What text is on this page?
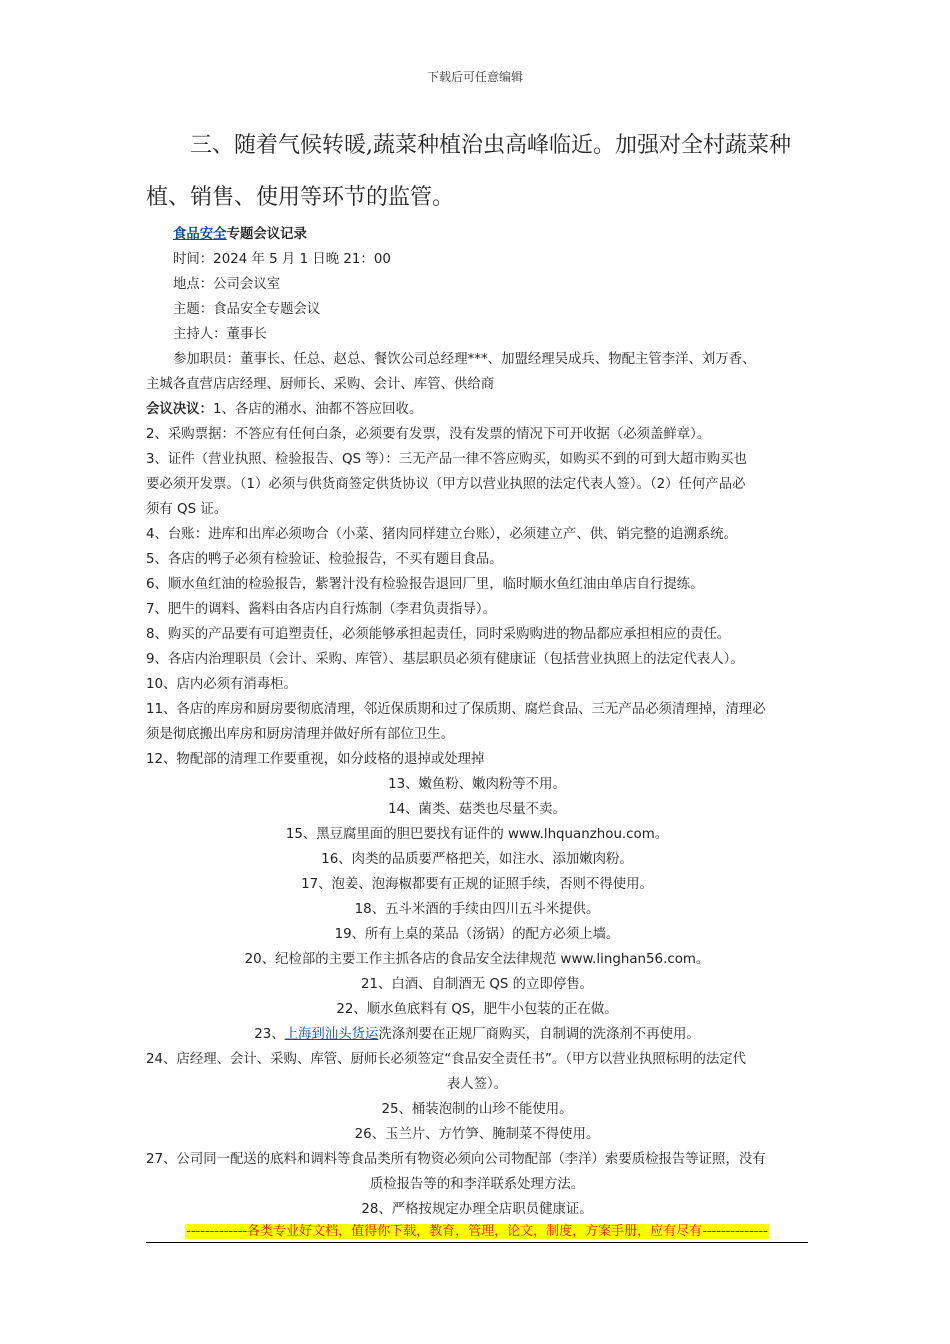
下载后可任意编辑
三、随着气候转暖,蔬菜种植治虫高峰临近。加强对全村蔬菜种
植、销售、使用等环节的监管。

食品安全专题会议记录

时间：2024 年 5 月 1 日晚 21：00

地点：公司会议室

主题：食品安全专题会议

主持人：董事长

参加职员：董事长、任总、赵总、餐饮公司总经理***、加盟经理吴成兵、物配主管李洋、刘万香、

主城各直营店店经理、厨师长、采购、会计、库管、供给商

会议决议：1、各店的潲水、油都不答应回收。

2、采购票据：不答应有任何白条，必须要有发票，没有发票的情况下可开收据（必须盖鲜章）。

3、证件（营业执照、检验报告、QS 等）：三无产品一律不答应购买，如购买不到的可到大超市购买也

要必须开发票。（1）必须与供货商签定供货协议（甲方以营业执照的法定代表人签）。（2）任何产品必

须有 QS 证。

4、台账：进库和出库必须吻合（小菜、猪肉同样建立台账），必须建立产、供、销完整的追溯系统。

5、各店的鸭子必须有检验证、检验报告，不买有题目食品。

6、顺水鱼红油的检验报告，紫署汁没有检验报告退回厂里，临时顺水鱼红油由单店自行提练。

7、肥牛的调料、酱料由各店内自行炼制（李君负责指导）。

8、购买的产品要有可追塑责任，必须能够承担起责任，同时采购购进的物品都应承担相应的责任。

9、各店内治理职员（会计、采购、库管）、基层职员必须有健康证（包括营业执照上的法定代表人）。

10、店内必须有消毒柜。

11、各店的库房和厨房要彻底清理，邻近保质期和过了保质期、腐烂食品、三无产品必须清理掉，清理必

须是彻底搬出库房和厨房清理并做好所有部位卫生。

12、物配部的清理工作要重视，如分歧格的退掉或处理掉

13、嫩鱼粉、嫩肉粉等不用。

14、菌类、菇类也尽量不卖。

15、黑豆腐里面的胆巴要找有证件的 www.lhquanzhou.com。

16、肉类的品质要严格把关，如注水、添加嫩肉粉。

17、泡姜、泡海椒都要有正规的证照手续，否则不得使用。

18、五斗米酒的手续由四川五斗米提供。

19、所有上桌的菜品（汤锅）的配方必须上墙。

20、纪检部的主要工作主抓各店的食品安全法律规范 www.linghan56.com。

21、白酒、自制酒无 QS 的立即停售。

22、顺水鱼底料有 QS，肥牛小包装的正在做。

23、上海到汕头货运洗涤剂要在正规厂商购买，自制调的洗涤剂不再使用。

24、店经理、会计、采购、库管、厨师长必须签定“食品安全责任书”。（甲方以营业执照标明的法定代

表人签）。

25、桶装泡制的山珍不能使用。

26、玉兰片、方竹笋、腌制菜不得使用。

27、公司同一配送的底料和调料等食品类所有物资必须向公司物配部（李洋）索要质检报告等证照，没有

质检报告等的和李洋联系处理方法。

28、严格按规定办理全店职员健康证。

-------------各类专业好文档，值得你下载，教育，管理，论文，制度，方案手册，应有尽有--------------
